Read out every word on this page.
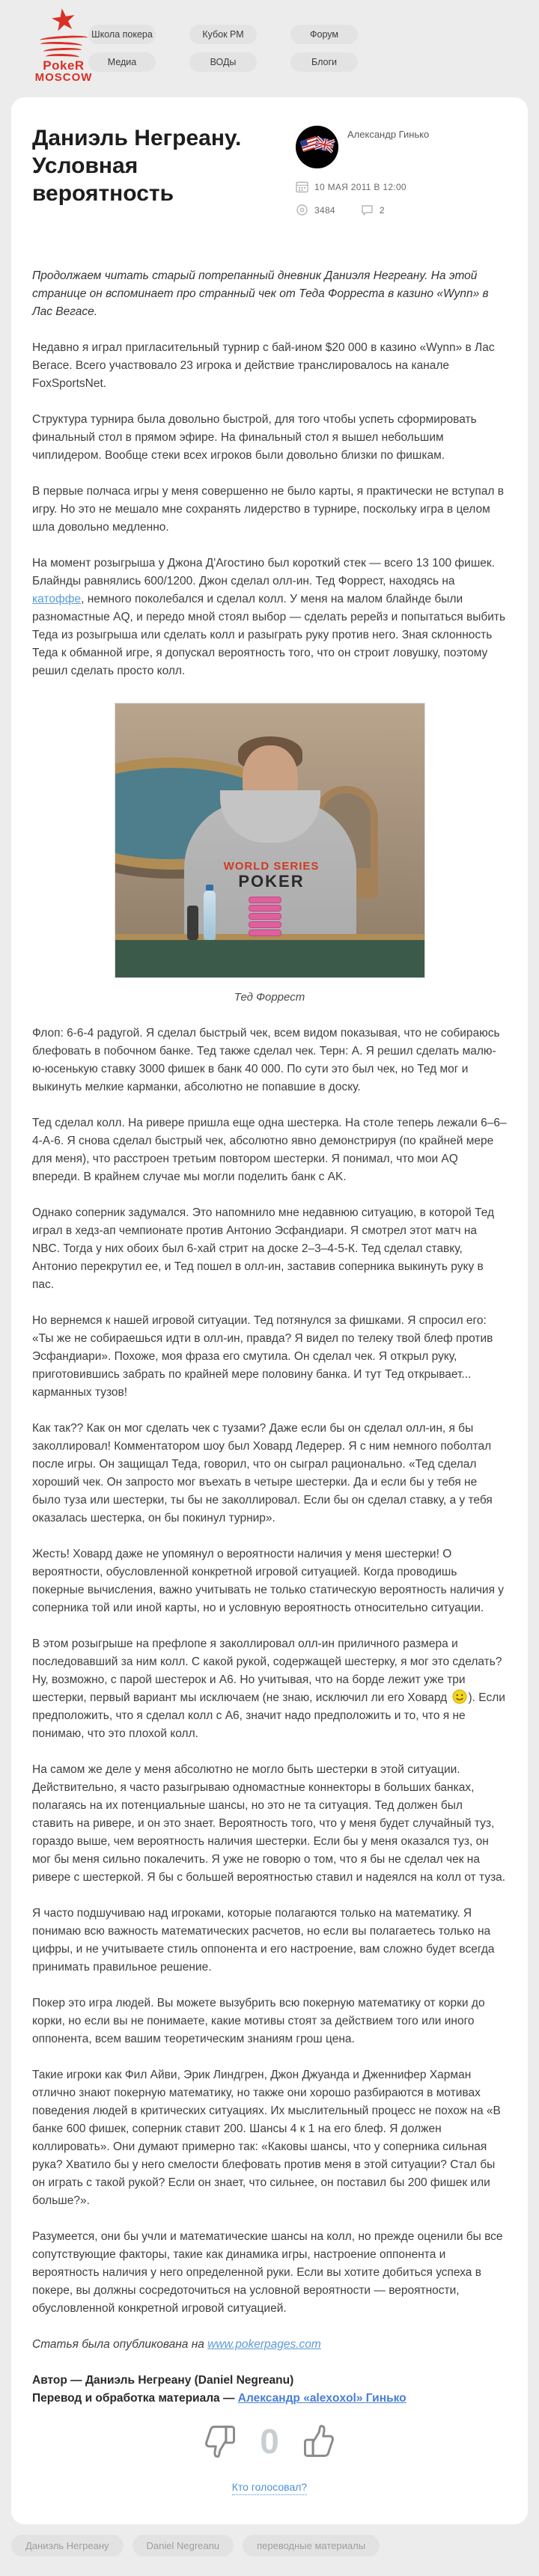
★
PokeR
MOSCOW
Школа покера	Кубок РМ	Форум
Медиа	ВОДы	Блоги
Даниэль Негреану.
Условная вероятность
Александр Гинько
10 МАЯ 2011 В 12:00
3484	2

Продолжаем читать старый потрепанный дневник Даниэля Негреану. На этой странице он вспоминает про странный чек от Теда Форреста в казино «Wynn» в Лас Вегасе.

Недавно я играл пригласительный турнир с бай-ином $20 000 в казино «Wynn» в Лас Вегасе. Всего участвовало 23 игрока и действие транслировалось на канале FoxSportsNet.

Структура турнира была довольно быстрой, для того чтобы успеть сформировать финальный стол в прямом эфире. На финальный стол я вышел небольшим чиплидером. Вообще стеки всех игроков были довольно близки по фишкам.

В первые полчаса игры у меня совершенно не было карты, я практически не вступал в игру. Но это не мешало мне сохранять лидерство в турнире, поскольку игра в целом шла довольно медленно.

На момент розыгрыша у Джона Д'Агостино был короткий стек — всего 13 100 фишек. Блайнды равнялись 600/1200. Джон сделал олл-ин. Тед Форрест, находясь на катоффе, немного поколебался и сделал колл. У меня на малом блайнде были разномастные AQ, и передо мной стоял выбор — сделать ререйз и попытаться выбить Теда из розыгрыша или сделать колл и разыграть руку против него. Зная склонность Теда к обманной игре, я допускал вероятность того, что он строит ловушку, поэтому решил сделать просто колл.

WORLD SERIES
POKER
Тед Форрест

Флоп: 6-6-4 радугой. Я сделал быстрый чек, всем видом показывая, что не собираюсь блефовать в побочном банке. Тед также сделал чек. Терн: A. Я решил сделать малю-ю-юсенькую ставку 3000 фишек в банк 40 000. По сути это был чек, но Тед мог и выкинуть мелкие карманки, абсолютно не попавшие в доску.

Тед сделал колл. На ривере пришла еще одна шестерка. На столе теперь лежали 6–6–4-A-6. Я снова сделал быстрый чек, абсолютно явно демонстрируя (по крайней мере для меня), что расстроен третьим повтором шестерки. Я понимал, что мои AQ впереди. В крайнем случае мы могли поделить банк с AK.

Однако соперник задумался. Это напомнило мне недавнюю ситуацию, в которой Тед играл в хедз-ап чемпионате против Антонио Эсфандиари. Я смотрел этот матч на NBC. Тогда у них обоих был 6-хай стрит на доске 2–3–4-5-К. Тед сделал ставку, Антонио перекрутил ее, и Тед пошел в олл-ин, заставив соперника выкинуть руку в пас.

Но вернемся к нашей игровой ситуации. Тед потянулся за фишками. Я спросил его: «Ты же не собираешься идти в олл-ин, правда? Я видел по телеку твой блеф против Эсфандиари». Похоже, моя фраза его смутила. Он сделал чек. Я открыл руку, приготовившись забрать по крайней мере половину банка. И тут Тед открывает... карманных тузов!

Как так?? Как он мог сделать чек с тузами? Даже если бы он сделал олл-ин, я бы заколлировал! Комментатором шоу был Ховард Ледерер. Я с ним немного поболтал после игры. Он защищал Теда, говорил, что он сыграл рационально. «Тед сделал хороший чек. Он запросто мог въехать в четыре шестерки. Да и если бы у тебя не было туза или шестерки, ты бы не заколлировал. Если бы он сделал ставку, а у тебя оказалась шестерка, он бы покинул турнир».

Жесть! Ховард даже не упомянул о вероятности наличия у меня шестерки! О вероятности, обусловленной конкретной игровой ситуацией. Когда проводишь покерные вычисления, важно учитывать не только статическую вероятность наличия у соперника той или иной карты, но и условную вероятность относительно ситуации.

В этом розыгрыше на префлопе я заколлировал олл-ин приличного размера и последовавший за ним колл. С какой рукой, содержащей шестерку, я мог это сделать? Ну, возможно, с парой шестерок и А6. Но учитывая, что на борде лежит уже три шестерки, первый вариант мы исключаем (не знаю, исключил ли его Ховард ). Если предположить, что я сделал колл с А6, значит надо предположить и то, что я не понимаю, что это плохой колл.

На самом же деле у меня абсолютно не могло быть шестерки в этой ситуации. Действительно, я часто разыгрываю одномастные коннекторы в больших банках, полагаясь на их потенциальные шансы, но это не та ситуация. Тед должен был ставить на ривере, и он это знает. Вероятность того, что у меня будет случайный туз, гораздо выше, чем вероятность наличия шестерки. Если бы у меня оказался туз, он мог бы меня сильно покалечить. Я уже не говорю о том, что я бы не сделал чек на ривере с шестеркой. Я бы с большей вероятностью ставил и надеялся на колл от туза.

Я часто подшучиваю над игроками, которые полагаются только на математику. Я понимаю всю важность математических расчетов, но если вы полагаетесь только на цифры, и не учитываете стиль оппонента и его настроение, вам сложно будет всегда принимать правильное решение.

Покер это игра людей. Вы можете вызубрить всю покерную математику от корки до корки, но если вы не понимаете, какие мотивы стоят за действием того или иного оппонента, всем вашим теоретическим знаниям грош цена.

Такие игроки как Фил Айви, Эрик Линдгрен, Джон Джуанда и Дженнифер Харман отлично знают покерную математику, но также они хорошо разбираются в мотивах поведения людей в критических ситуациях. Их мыслительный процесс не похож на «В банке 600 фишек, соперник ставит 200. Шансы 4 к 1 на его блеф. Я должен коллировать». Они думают примерно так: «Каковы шансы, что у соперника сильная рука? Хватило бы у него смелости блефовать против меня в этой ситуации? Стал бы он играть с такой рукой? Если он знает, что сильнее, он поставил бы 200 фишек или больше?».

Разумеется, они бы учли и математические шансы на колл, но прежде оценили бы все сопутствующие факторы, такие как динамика игры, настроение оппонента и вероятность наличия у него определенной руки. Если вы хотите добиться успеха в покере, вы должны сосредоточиться на условной вероятности — вероятности, обусловленной конкретной игровой ситуацией.

Статья была опубликована на www.pokerpages.com

Автор — Даниэль Негреану (Daniel Negreanu)
Перевод и обработка материала — Александр «alexoxol» Гинько
0
Кто голосовал?
Даниэль Негреану	Daniel Negreanu	переводные материалы
